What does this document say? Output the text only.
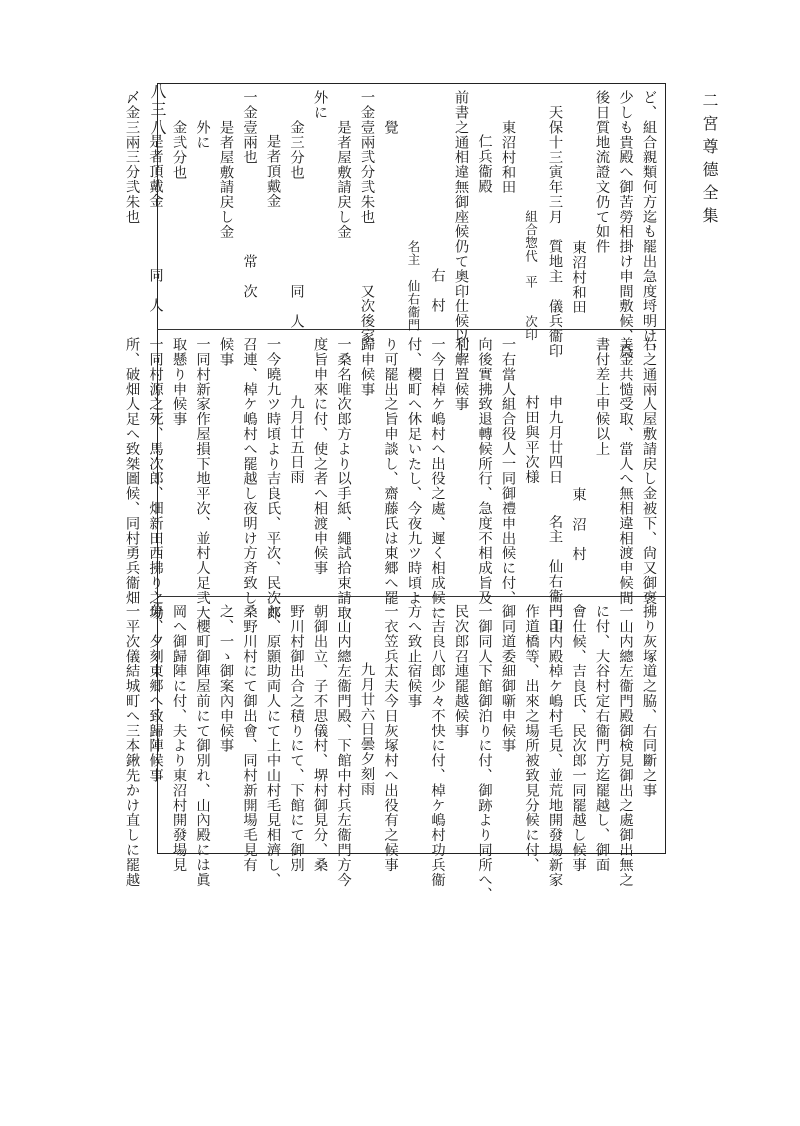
二宮尊德全集
八三八	ど、組合親類何方迄も罷出急度埒明け、
少しも貴殿へ御苦勞相掛け申間敷候、爲
後日質地流證文仍て如件
東沼村和田
天保十三寅年三月　質地主　儀兵衞印
組合惣代　平　　次印
東沼村和田
仁兵衞殿
前書之通相違無御座候仍て奧印仕候以上
右　村
名主　仙右衞門
覺
一金壹兩弐分弐朱也　　　　又次後家
是者屋敷請戻し金
外に
金三分也　　　　　　　同　人
是者頂戴金
一金壹兩也　　　　　　常　次
是者屋敷請戻し金
外に
金弐分也
是者頂戴金　　　　同　人
〆金三兩三分弐朱也
右之通兩人屋敷請戻し金被下、尙又御褒
美金共慥受取、當人へ無相違相渡申候間
書付差上申候以上
東　沼　村
申九月廿四日　　名主　仙右衞門印
村田與平次様
一右當人組合役人一同御禮申出候に付、
向後實拂致退轉候所行、急度不相成旨及
利解置候事
一今日棹ケ嶋村へ出役之處、遲く相成候に
付、櫻町へ休足いたし、今夜九ツ時頃よ
り可罷出之旨申談し、齋藤氏は東郷へ罷
歸申候事
一桑名唯次郎方より以手紙、繩試拾束請取
度旨申來に付、使之者へ相渡申候事
九月廿五日雨
一今曉九ツ時頃より吉良氏、平次、民次郎
召連、棹ケ嶋村へ罷越し夜明け方斉致し
候事
一同村新家作屋損下地平次、並村人足弐人
取懸り申候事
一同村源之死、馬次郎、畑新田西拂り之場
所、破畑人足へ致桀圖候、同村勇兵衞畑
拂り灰塚道之脇、右同斷之事
一山内總左衞門殿御検見御出之處御出無之
に付、大谷村定右衞門方迄罷越し、御面
會仕候、吉良氏、民次郎一同罷越し候事
一山内殿棹ケ嶋村毛見、並荒地開發場新家
作道橋等、出來之場所被致見分候に付、
御同道委細御噺申候事
一御同人下館御泊りに付、御跡より同所へ、
民次郎召連罷越候事
一吉良八郎少々不快に付、棹ケ嶋村功兵衞
方へ致止宿候事
一衣笠兵太夫今日灰塚村へ出役有之候事
九月廿六日曇夕刻雨
一山内總左衞門殿、下館中村兵左衞門方今
朝御出立、子不思儀村、堺村御見分、桑
野川村御出合之積りにて、下館にて御別
れ、原顥助両人にて上中山村毛見相濟し、
桑野川村にて御出會、同村新開場毛見有
之、一ゝ御案內申候事
一櫻町御陣屋前にて御別れ、山內殿には眞
岡へ御歸陣に付、夫より東沼村開發場見
分、夕刻東郷へ致歸陣候事
一平次儀結城町へ三本鍬先かけ直しに罷越
